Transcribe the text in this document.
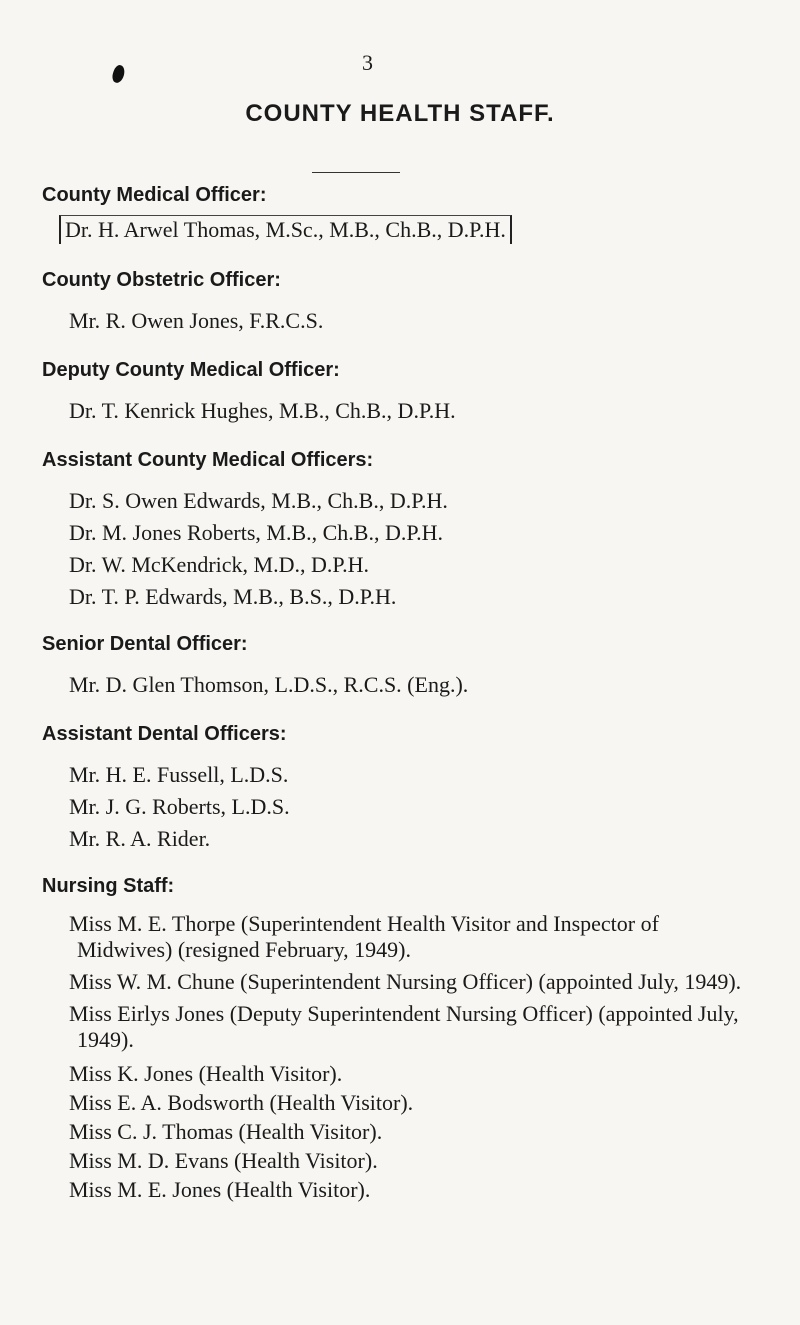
3
COUNTY HEALTH STAFF.
County Medical Officer:
Dr. H. Arwel Thomas, M.Sc., M.B., Ch.B., D.P.H.
County Obstetric Officer:
Mr. R. Owen Jones, F.R.C.S.
Deputy County Medical Officer:
Dr. T. Kenrick Hughes, M.B., Ch.B., D.P.H.
Assistant County Medical Officers:
Dr. S. Owen Edwards, M.B., Ch.B., D.P.H.
Dr. M. Jones Roberts, M.B., Ch.B., D.P.H.
Dr. W. McKendrick, M.D., D.P.H.
Dr. T. P. Edwards, M.B., B.S., D.P.H.
Senior Dental Officer:
Mr. D. Glen Thomson, L.D.S., R.C.S. (Eng.).
Assistant Dental Officers:
Mr. H. E. Fussell, L.D.S.
Mr. J. G. Roberts, L.D.S.
Mr. R. A. Rider.
Nursing Staff:
Miss M. E. Thorpe (Superintendent Health Visitor and Inspector of Midwives) (resigned February, 1949).
Miss W. M. Chune (Superintendent Nursing Officer) (appointed July, 1949).
Miss Eirlys Jones (Deputy Superintendent Nursing Officer) (appointed July, 1949).
Miss K. Jones (Health Visitor).
Miss E. A. Bodsworth (Health Visitor).
Miss C. J. Thomas (Health Visitor).
Miss M. D. Evans (Health Visitor).
Miss M. E. Jones (Health Visitor).
